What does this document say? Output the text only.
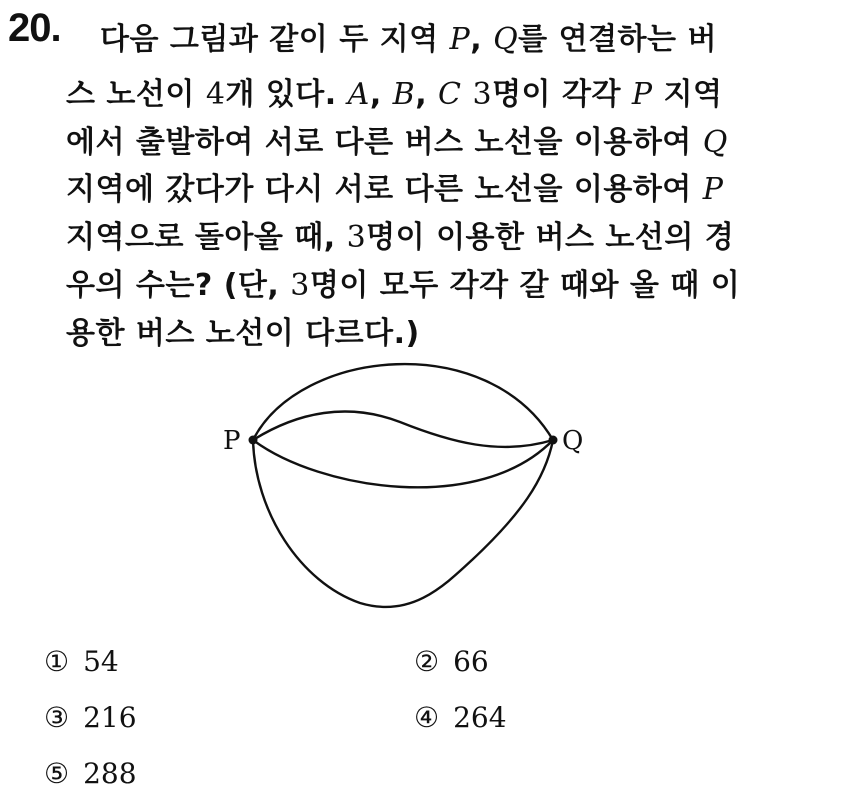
20. 다음 그림과 같이 두 지역 P, Q를 연결하는 버
스 노선이 4개 있다. A, B, C 3명이 각각 P 지역
에서 출발하여 서로 다른 버스 노선을 이용하여 Q
지역에 갔다가 다시 서로 다른 노선을 이용하여 P
지역으로 돌아올 때, 3명이 이용한 버스 노선의 경
우의 수는? (단, 3명이 모두 각각 갈 때와 올 때 이
용한 버스 노선이 다르다.)
P	Q
① 54	② 66
③ 216	④ 264
⑤ 288
